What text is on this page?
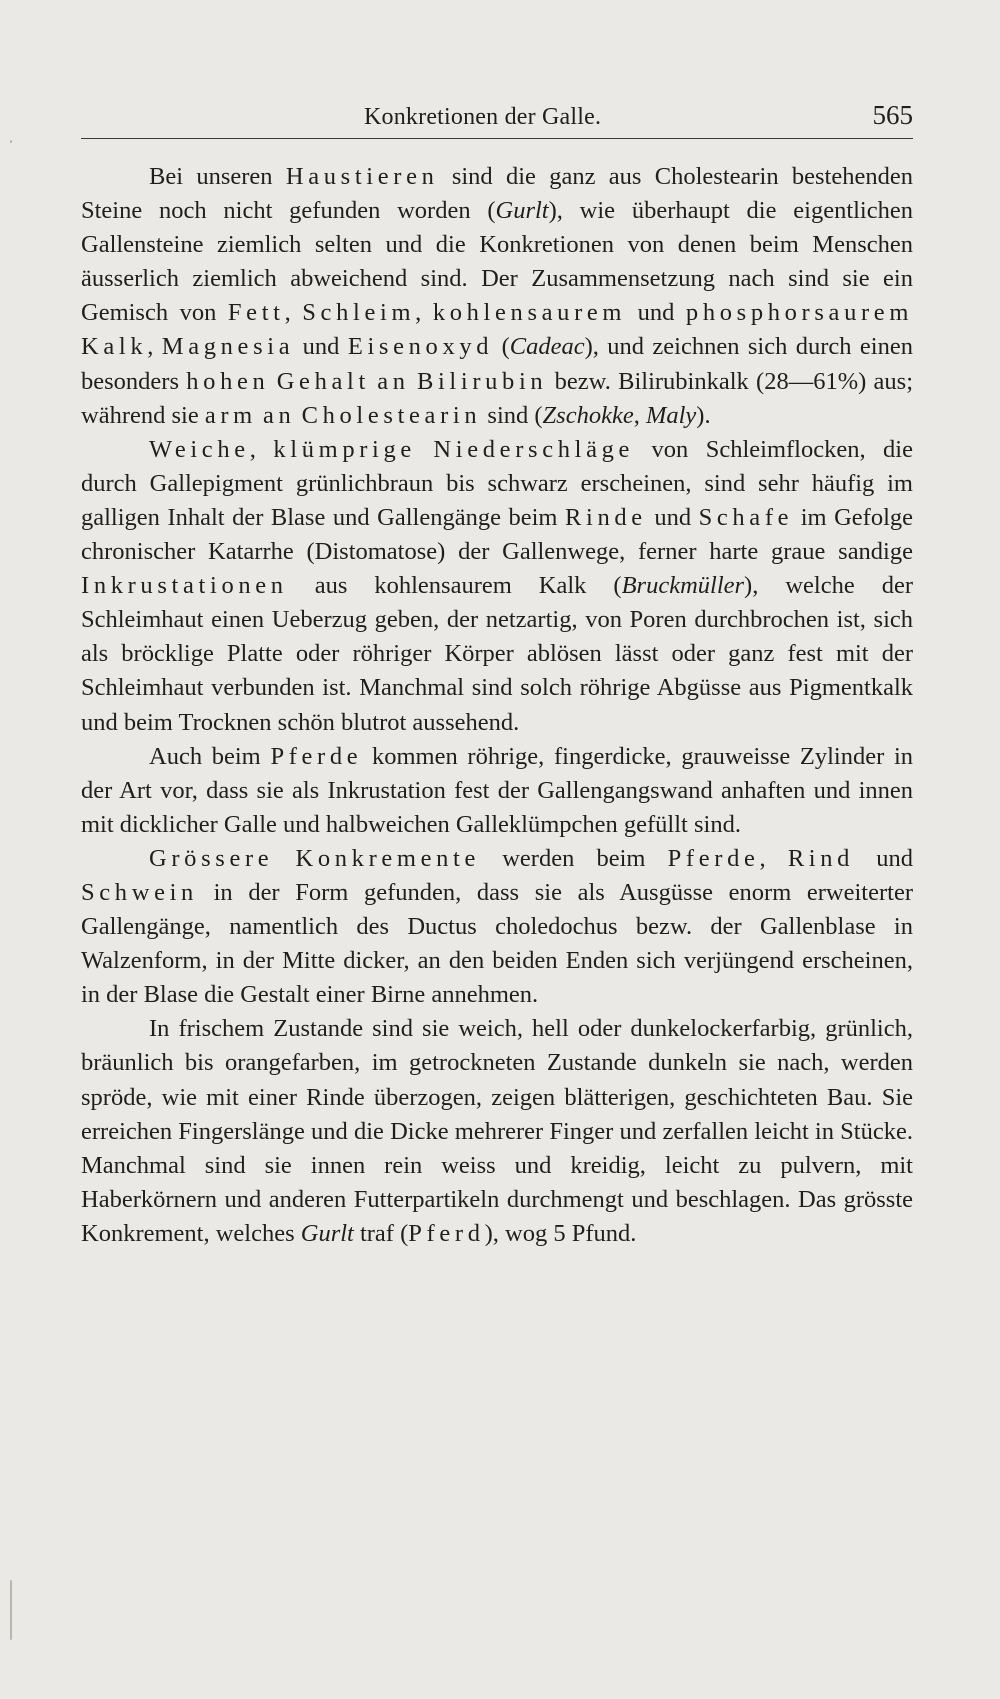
Konkretionen der Galle.	565

Bei unseren Haustieren sind die ganz aus Cholestearin bestehenden Steine noch nicht gefunden worden (Gurlt), wie überhaupt die eigentlichen Gallensteine ziemlich selten und die Konkretionen von denen beim Menschen äusserlich ziemlich abweichend sind. Der Zusammensetzung nach sind sie ein Gemisch von Fett, Schleim, kohlensaurem und phosphorsaurem Kalk, Magnesia und Eisenoxyd (Cadeac), und zeichnen sich durch einen besonders hohen Gehalt an Bilirubin bezw. Bilirubinkalk (28—61%) aus; während sie arm an Cholestearin sind (Zschokke, Maly).

Weiche, klümprige Niederschläge von Schleimflocken, die durch Gallepigment grünlichbraun bis schwarz erscheinen, sind sehr häufig im galligen Inhalt der Blase und Gallengänge beim Rinde und Schafe im Gefolge chronischer Katarrhe (Distomatose) der Gallenwege, ferner harte graue sandige Inkrustationen aus kohlensaurem Kalk (Bruckmüller), welche der Schleimhaut einen Ueberzug geben, der netzartig, von Poren durchbrochen ist, sich als bröcklige Platte oder röhriger Körper ablösen lässt oder ganz fest mit der Schleimhaut verbunden ist. Manchmal sind solch röhrige Abgüsse aus Pigmentkalk und beim Trocknen schön blutrot aussehend.

Auch beim Pferde kommen röhrige, fingerdicke, grauweisse Zylinder in der Art vor, dass sie als Inkrustation fest der Gallengangswand anhaften und innen mit dicklicher Galle und halbweichen Galleklümpchen gefüllt sind.

Grössere Konkremente werden beim Pferde, Rind und Schwein in der Form gefunden, dass sie als Ausgüsse enorm erweiterter Gallengänge, namentlich des Ductus choledochus bezw. der Gallenblase in Walzenform, in der Mitte dicker, an den beiden Enden sich verjüngend erscheinen, in der Blase die Gestalt einer Birne annehmen.

In frischem Zustande sind sie weich, hell oder dunkelockerfarbig, grünlich, bräunlich bis orangefarben, im getrockneten Zustande dunkeln sie nach, werden spröde, wie mit einer Rinde überzogen, zeigen blätterigen, geschichteten Bau. Sie erreichen Fingerslänge und die Dicke mehrerer Finger und zerfallen leicht in Stücke. Manchmal sind sie innen rein weiss und kreidig, leicht zu pulvern, mit Haberkörnern und anderen Futterpartikeln durchmengt und beschlagen. Das grösste Konkrement, welches Gurlt traf (Pferd), wog 5 Pfund.
